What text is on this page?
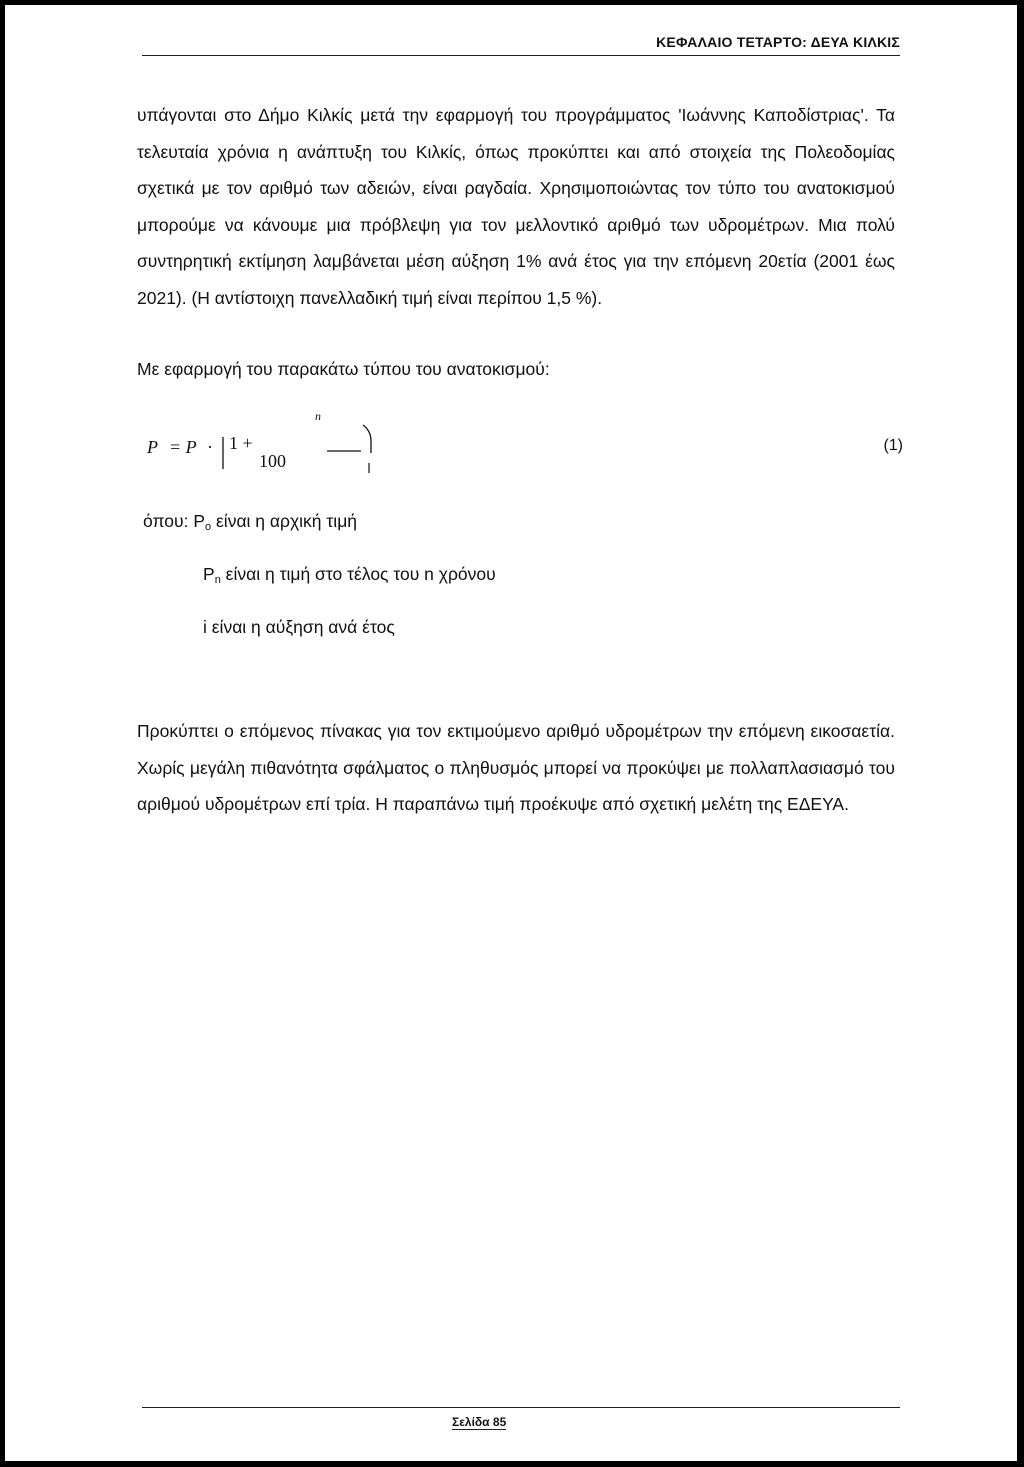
ΚΕΦΑΛΑΙΟ ΤΕΤΑΡΤΟ: ΔΕΥΑ ΚΙΛΚΙΣ

υπάγονται στο Δήμο Κιλκίς μετά την εφαρμογή του προγράμματος 'Ιωάννης Καποδίστριας'. Τα τελευταία χρόνια η ανάπτυξη του Κιλκίς, όπως προκύπτει και από στοιχεία της Πολεοδομίας σχετικά με τον αριθμό των αδειών, είναι ραγδαία. Χρησιμοποιώντας τον τύπο του ανατοκισμού μπορούμε να κάνουμε μια πρόβλεψη για τον μελλοντικό αριθμό των υδρομέτρων. Μια πολύ συντηρητική εκτίμηση λαμβάνεται μέση αύξηση 1% ανά έτος για την επόμενη 20ετία (2001 έως 2021). (Η αντίστοιχη πανελλαδική τιμή είναι περίπου 1,5 %).

Με εφαρμογή του παρακάτω τύπου του ανατοκισμού:

P = P · 1 +
100
n
(1)

όπου: $P_o$ είναι η αρχική τιμή

$P_n$ είναι η τιμή στο τέλος του n χρόνου

i είναι η αύξηση ανά έτος

Προκύπτει ο επόμενος πίνακας για τον εκτιμούμενο αριθμό υδρομέτρων την επόμενη εικοσαετία. Χωρίς μεγάλη πιθανότητα σφάλματος ο πληθυσμός μπορεί να προκύψει με πολλαπλασιασμό του αριθμού υδρομέτρων επί τρία. Η παραπάνω τιμή προέκυψε από σχετική μελέτη της ΕΔΕΥΑ.

Σελίδα 85
